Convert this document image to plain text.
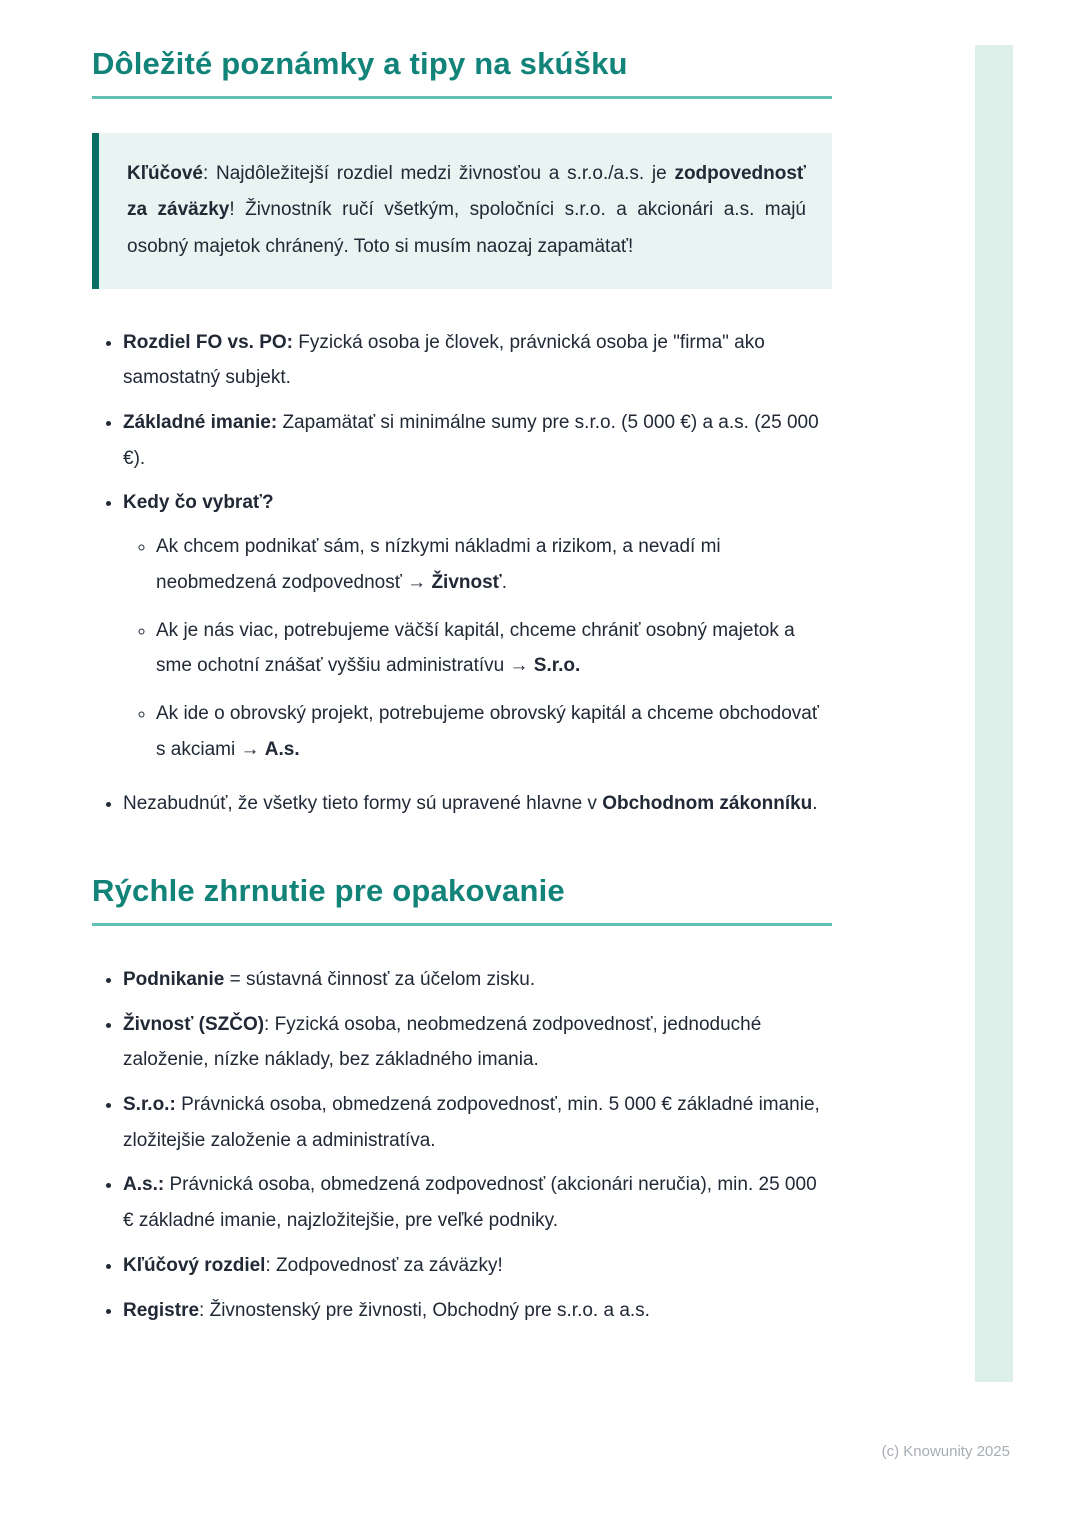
Dôležité poznámky a tipy na skúšku

Kľúčové: Najdôležitejší rozdiel medzi živnosťou a s.r.o./a.s. je zodpovednosť za záväzky! Živnostník ručí všetkým, spoločníci s.r.o. a akcionári a.s. majú osobný majetok chránený. Toto si musím naozaj zapamätať!

• Rozdiel FO vs. PO: Fyzická osoba je človek, právnická osoba je "firma" ako samostatný subjekt.

• Základné imanie: Zapamätať si minimálne sumy pre s.r.o. (5 000 €) a a.s. (25 000 €).

• Kedy čo vybrať?

◦ Ak chcem podnikať sám, s nízkymi nákladmi a rizikom, a nevadí mi neobmedzená zodpovednosť → Živnosť.

◦ Ak je nás viac, potrebujeme väčší kapitál, chceme chrániť osobný majetok a sme ochotní znášať vyššiu administratívu → S.r.o.

◦ Ak ide o obrovský projekt, potrebujeme obrovský kapitál a chceme obchodovať s akciami → A.s.

• Nezabudnúť, že všetky tieto formy sú upravené hlavne v Obchodnom zákonníku.

Rýchle zhrnutie pre opakovanie

• Podnikanie = sústavná činnosť za účelom zisku.

• Živnosť (SZČO): Fyzická osoba, neobmedzená zodpovednosť, jednoduché založenie, nízke náklady, bez základného imania.

• S.r.o.: Právnická osoba, obmedzená zodpovednosť, min. 5 000 € základné imanie, zložitejšie založenie a administratíva.

• A.s.: Právnická osoba, obmedzená zodpovednosť (akcionári neručia), min. 25 000 € základné imanie, najzložitejšie, pre veľké podniky.

• Kľúčový rozdiel: Zodpovednosť za záväzky!

• Registre: Živnostenský pre živnosti, Obchodný pre s.r.o. a a.s.

(c) Knowunity 2025
